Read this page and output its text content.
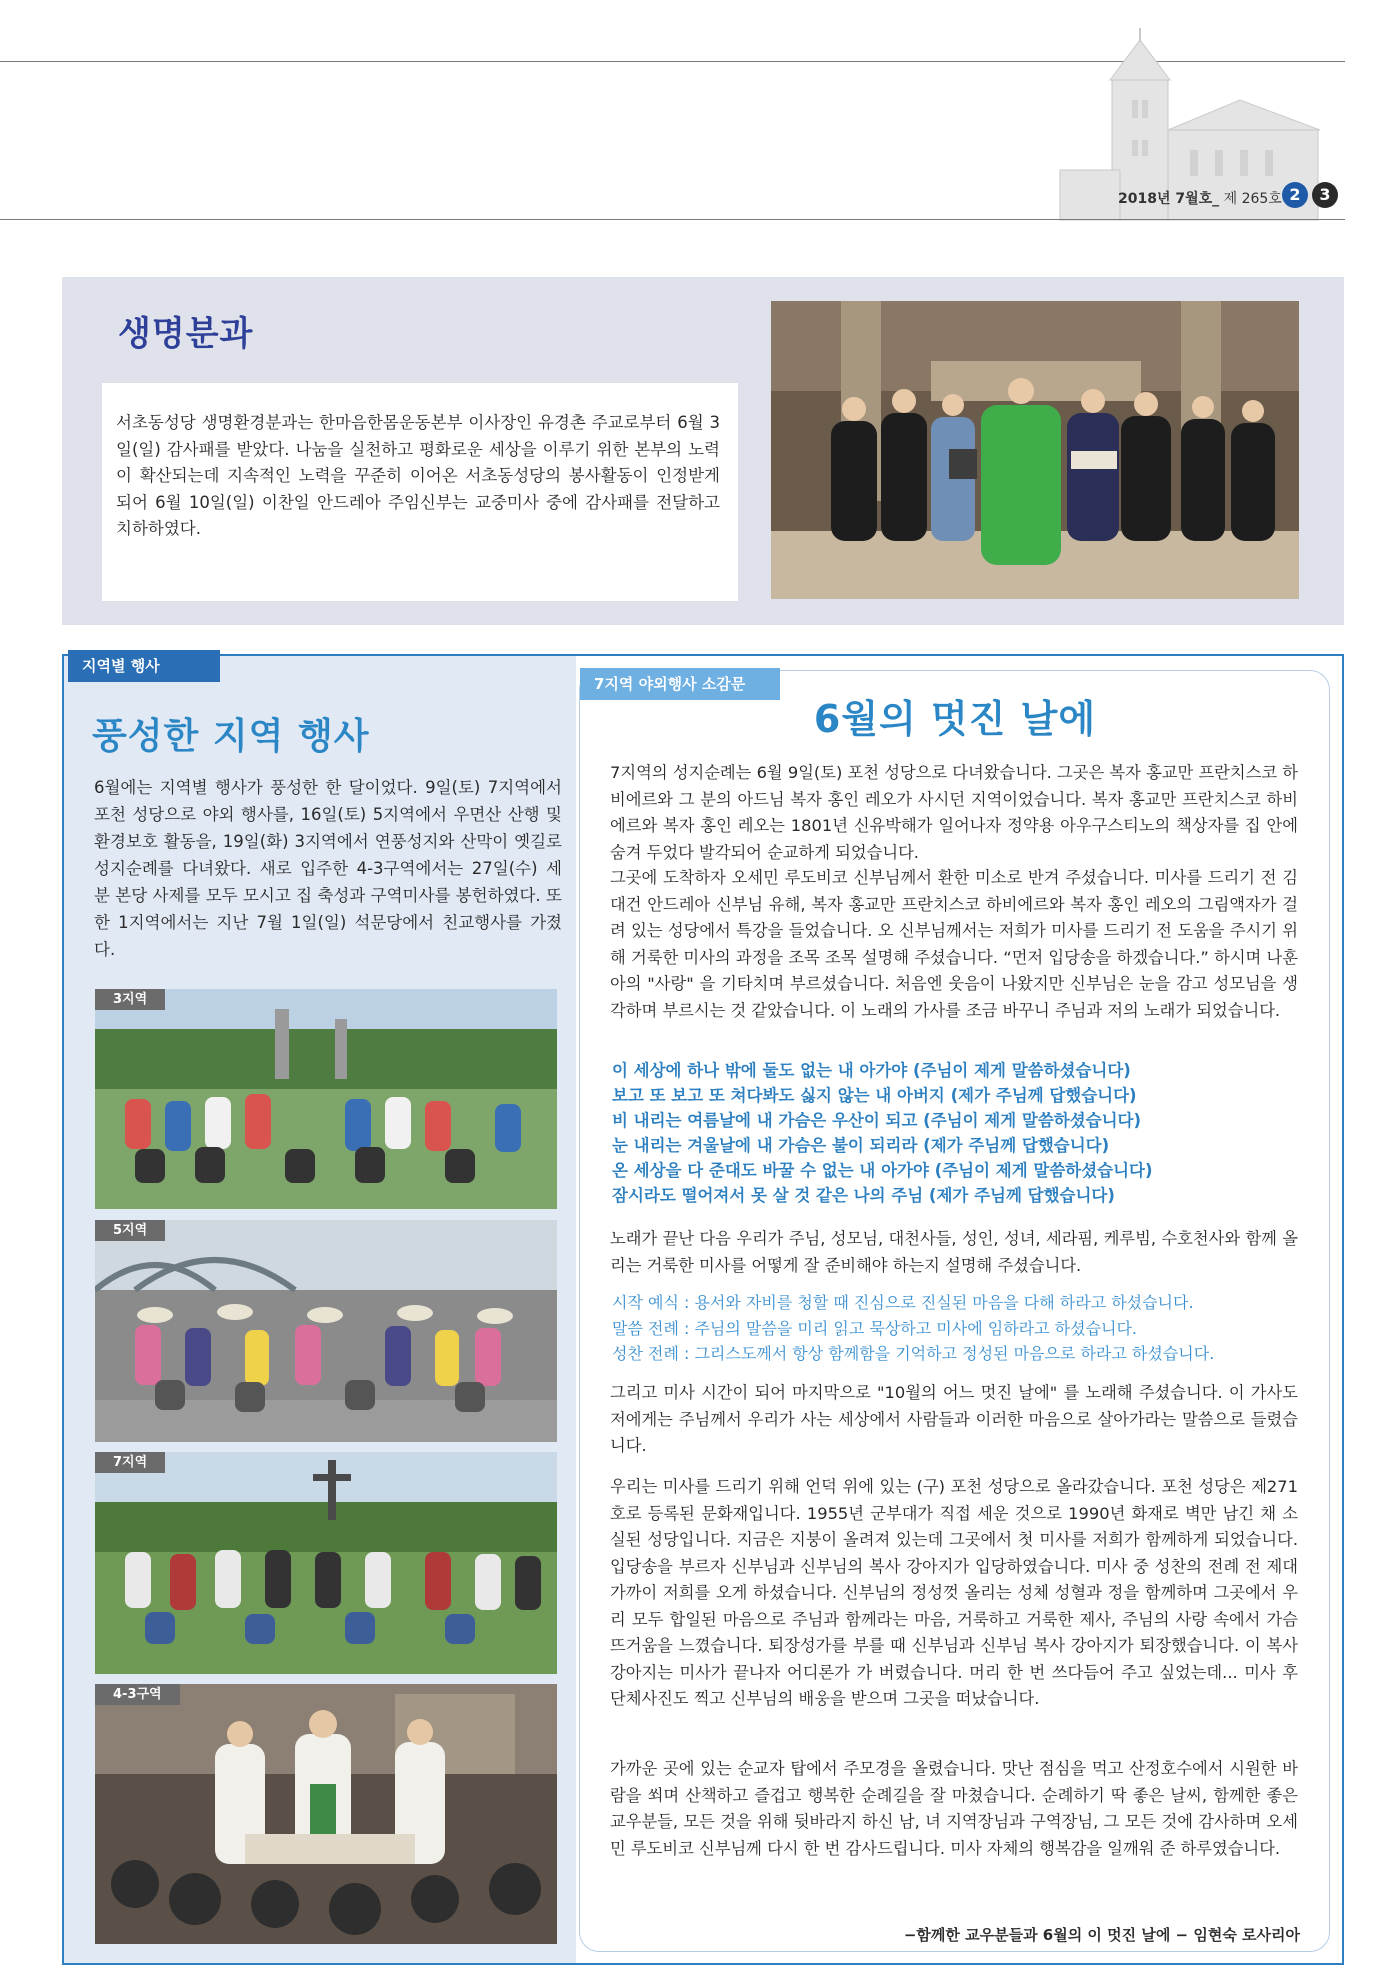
2018년 7월호_ 제 265호 2	3
생명분과
서초동성당 생명환경분과는 한마음한몸운동본부 이사장인 유경촌 주교로부터 6월 3일(일) 감사패를 받았다. 나눔을 실천하고 평화로운 세상을 이루기 위한 본부의 노력이 확산되는데 지속적인 노력을 꾸준히 이어온 서초동성당의 봉사활동이 인정받게 되어 6월 10일(일) 이찬일 안드레아 주임신부는 교중미사 중에 감사패를 전달하고 치하하였다.
지역별 행사
풍성한 지역 행사
6월에는 지역별 행사가 풍성한 한 달이었다. 9일(토) 7지역에서 포천 성당으로 야외 행사를, 16일(토) 5지역에서 우면산 산행 및 환경보호 활동을, 19일(화) 3지역에서 연풍성지와 산막이 옛길로 성지순례를 다녀왔다. 새로 입주한 4-3구역에서는 27일(수) 세 분 본당 사제를 모두 모시고 집 축성과 구역미사를 봉헌하였다. 또한 1지역에서는 지난 7월 1일(일) 석문당에서 친교행사를 가졌다.
3지역
5지역
7지역
4-3구역
7지역 야외행사 소감문
6월의 멋진 날에
7지역의 성지순례는 6월 9일(토) 포천 성당으로 다녀왔습니다. 그곳은 복자 홍교만 프란치스코 하비에르와 그 분의 아드님 복자 홍인 레오가 사시던 지역이었습니다. 복자 홍교만 프란치스코 하비에르와 복자 홍인 레오는 1801년 신유박해가 일어나자 정약용 아우구스티노의 책상자를 집 안에 숨겨 두었다 발각되어 순교하게 되었습니다.
그곳에 도착하자 오세민 루도비코 신부님께서 환한 미소로 반겨 주셨습니다. 미사를 드리기 전 김대건 안드레아 신부님 유해, 복자 홍교만 프란치스코 하비에르와 복자 홍인 레오의 그림액자가 걸려 있는 성당에서 특강을 들었습니다. 오 신부님께서는 저희가 미사를 드리기 전 도움을 주시기 위해 거룩한 미사의 과정을 조목 조목 설명해 주셨습니다. “먼저 입당송을 하겠습니다.” 하시며 나훈아의 "사랑" 을 기타치며 부르셨습니다. 처음엔 웃음이 나왔지만 신부님은 눈을 감고 성모님을 생각하며 부르시는 것 같았습니다. 이 노래의 가사를 조금 바꾸니 주님과 저의 노래가 되었습니다.
이 세상에 하나 밖에 둘도 없는 내 아가야 (주님이 제게 말씀하셨습니다)
보고 또 보고 또 쳐다봐도 싫지 않는 내 아버지 (제가 주님께 답했습니다)
비 내리는 여름날에 내 가슴은 우산이 되고 (주님이 제게 말씀하셨습니다)
눈 내리는 겨울날에 내 가슴은 불이 되리라 (제가 주님께 답했습니다)
온 세상을 다 준대도 바꿀 수 없는 내 아가야 (주님이 제게 말씀하셨습니다)
잠시라도 떨어져서 못 살 것 같은 나의 주님 (제가 주님께 답했습니다)
노래가 끝난 다음 우리가 주님, 성모님, 대천사들, 성인, 성녀, 세라핌, 케루빔, 수호천사와 함께 올리는 거룩한 미사를 어떻게 잘 준비해야 하는지 설명해 주셨습니다.
시작 예식 : 용서와 자비를 청할 때 진심으로 진실된 마음을 다해 하라고 하셨습니다.
말씀 전례 : 주님의 말씀을 미리 읽고 묵상하고 미사에 임하라고 하셨습니다.
성찬 전례 : 그리스도께서 항상 함께함을 기억하고 정성된 마음으로 하라고 하셨습니다.
그리고 미사 시간이 되어 마지막으로 "10월의 어느 멋진 날에" 를 노래해 주셨습니다. 이 가사도 저에게는 주님께서 우리가 사는 세상에서 사람들과 이러한 마음으로 살아가라는 말씀으로 들렸습니다.
우리는 미사를 드리기 위해 언덕 위에 있는 (구) 포천 성당으로 올라갔습니다. 포천 성당은 제271호로 등록된 문화재입니다. 1955년 군부대가 직접 세운 것으로 1990년 화재로 벽만 남긴 채 소실된 성당입니다. 지금은 지붕이 올려져 있는데 그곳에서 첫 미사를 저희가 함께하게 되었습니다. 입당송을 부르자 신부님과 신부님의 복사 강아지가 입당하였습니다. 미사 중 성찬의 전례 전 제대 가까이 저희를 오게 하셨습니다. 신부님의 정성껏 올리는 성체 성혈과 정을 함께하며 그곳에서 우리 모두 합일된 마음으로 주님과 함께라는 마음, 거룩하고 거룩한 제사, 주님의 사랑 속에서 가슴 뜨거움을 느꼈습니다. 퇴장성가를 부를 때 신부님과 신부님 복사 강아지가 퇴장했습니다. 이 복사 강아지는 미사가 끝나자 어디론가 가 버렸습니다. 머리 한 번 쓰다듬어 주고 싶었는데... 미사 후 단체사진도 찍고 신부님의 배웅을 받으며 그곳을 떠났습니다.
가까운 곳에 있는 순교자 탑에서 주모경을 올렸습니다. 맛난 점심을 먹고 산정호수에서 시원한 바람을 쐬며 산책하고 즐겁고 행복한 순례길을 잘 마쳤습니다. 순례하기 딱 좋은 날씨, 함께한 좋은 교우분들, 모든 것을 위해 뒷바라지 하신 남, 녀 지역장님과 구역장님, 그 모든 것에 감사하며 오세민 루도비코 신부님께 다시 한 번 감사드립니다. 미사 자체의 행복감을 일깨워 준 하루였습니다.
−함께한 교우분들과 6월의 이 멋진 날에 − 임현숙 로사리아
